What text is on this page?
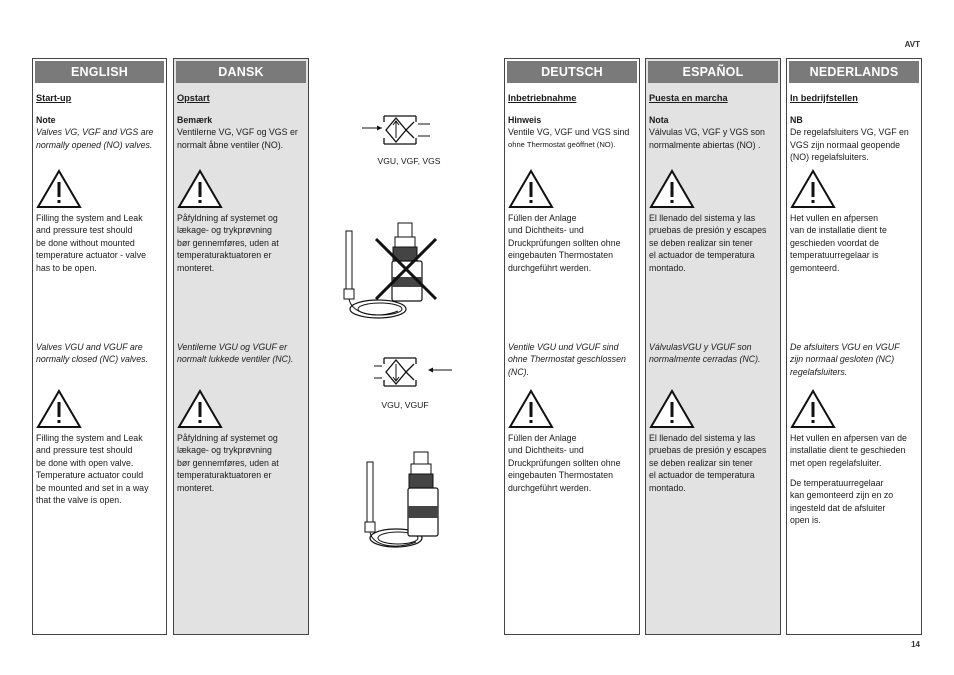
AVT
14
ENGLISH
Start-up
Note
Valves VG, VGF and VGS are
normally opened (NO) valves.
Filling the system and Leak
and pressure test should
be done without mounted
temperature actuator - valve
has to be open.
Valves VGU and VGUF are
normally closed (NC) valves.
Filling the system and Leak
and pressure test should
be done with open valve.
Temperature actuator could
be mounted and set in a way
that the valve is open.
DANSK
Opstart
Bemærk
Ventilerne VG, VGF og VGS er
normalt åbne ventiler (NO).
Påfyldning af systemet og
lækage- og trykprøvning
bør gennemføres, uden at
temperaturaktuatoren er
monteret.
Ventilerne VGU og VGUF er
normalt lukkede ventiler (NC).
Påfyldning af systemet og
lækage- og trykprøvning
bør gennemføres, uden at
temperaturaktuatoren er
monteret.
VGU, VGF, VGS
VGU, VGUF
DEUTSCH
Inbetriebnahme
Hinweis
Ventile VG, VGF und VGS sind
ohne Thermostat geöffnet (NO).
Füllen der Anlage
und Dichtheits- und
Druckprüfungen sollten ohne
eingebauten Thermostaten
durchgeführt werden.
Ventile VGU und VGUF sind
ohne Thermostat geschlossen
(NC).
Füllen der Anlage
und Dichtheits- und
Druckprüfungen sollten ohne
eingebauten Thermostaten
durchgeführt werden.
ESPAÑOL
Puesta en marcha
Nota
Válvulas VG, VGF y VGS son
normalmente abiertas (NO) .
El llenado del sistema y las
pruebas de presión y escapes
se deben realizar sin tener
el actuador de temperatura
montado.
VálvulasVGU y VGUF son
normalmente cerradas (NC).
El llenado del sistema y las
pruebas de presión y escapes
se deben realizar sin tener
el actuador de temperatura
montado.
NEDERLANDS
In bedrijfstellen
NB
De regelafsluiters VG, VGF en
VGS zijn normaal geopende
(NO) regelafsluiters.
Het vullen en afpersen
van de installatie dient te
geschieden voordat de
temperatuurregelaar is
gemonteerd.
De afsluiters VGU en VGUF
zijn normaal gesloten (NC)
regelafsluiters.
Het vullen en afpersen van de
installatie dient te geschieden
met open regelafsluiter.
De temperatuurregelaar
kan gemonteerd zijn en zo
ingesteld dat de afsluiter
open is.
